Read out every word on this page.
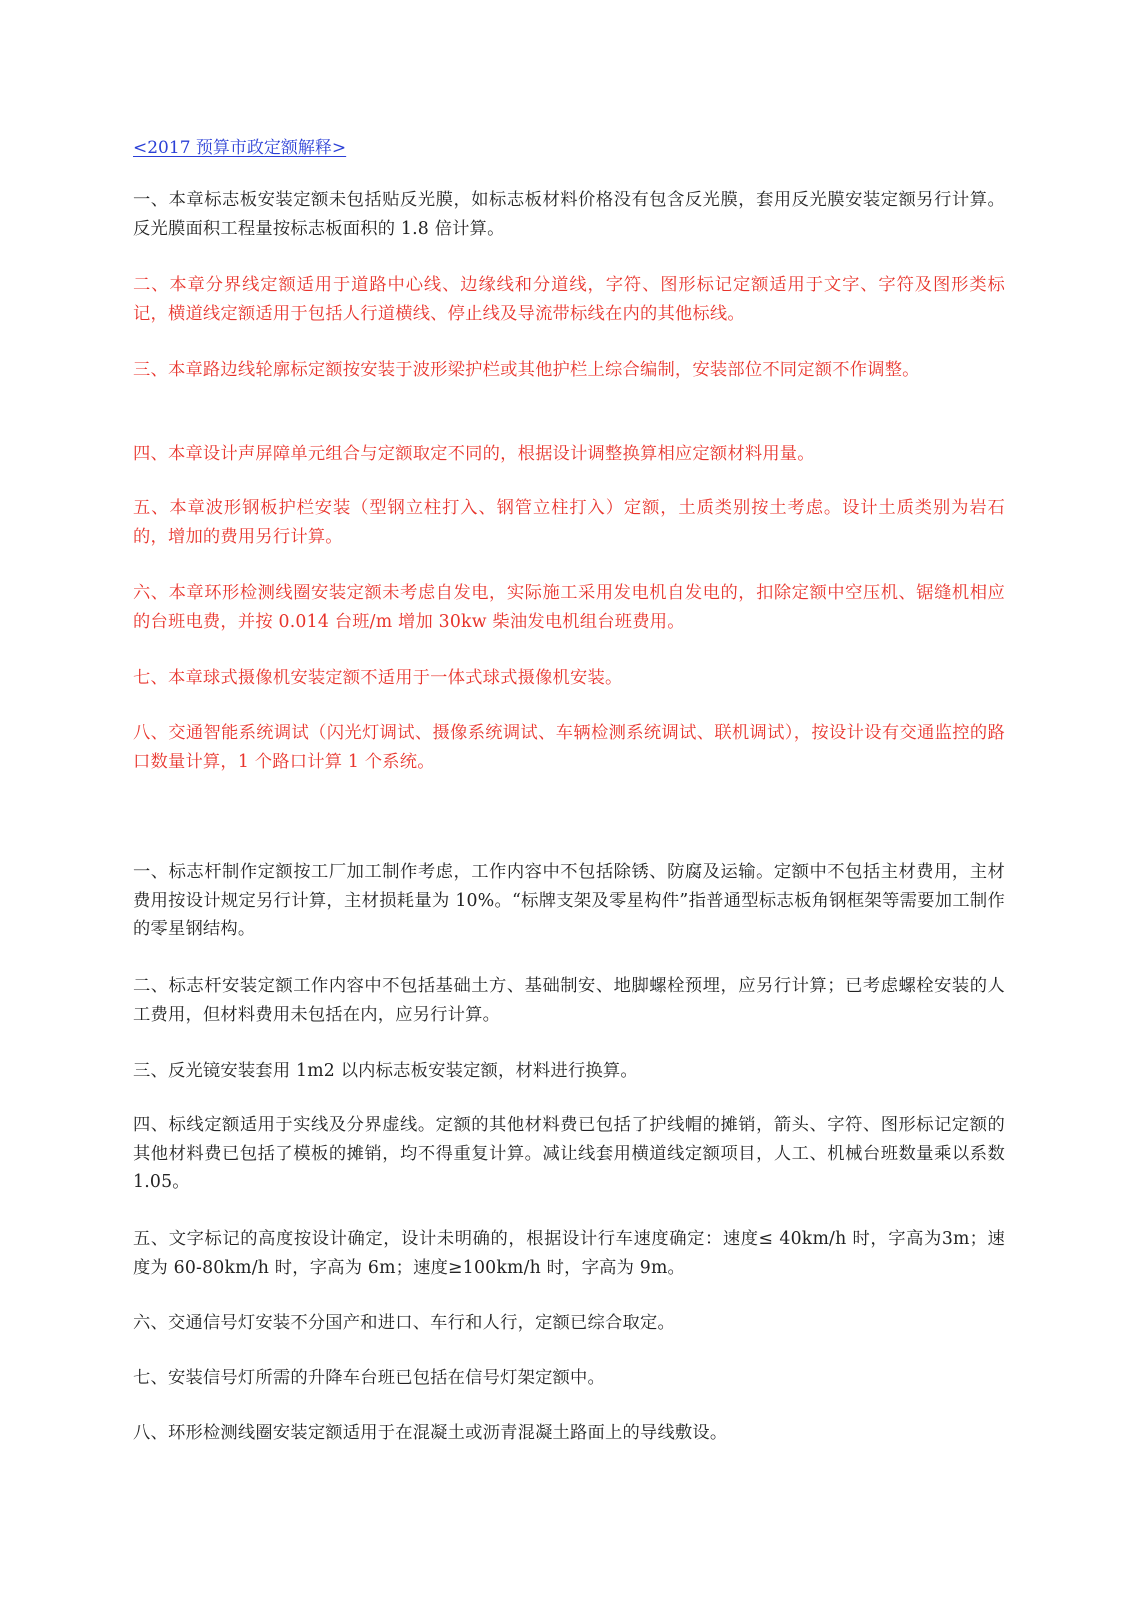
<2017 预算市政定额解释>

一、本章标志板安装定额未包括贴反光膜，如标志板材料价格没有包含反光膜，套用反光膜安装定额另行计算。反光膜面积工程量按标志板面积的 1.8 倍计算。

二、本章分界线定额适用于道路中心线、边缘线和分道线，字符、图形标记定额适用于文字、字符及图形类标记，横道线定额适用于包括人行道横线、停止线及导流带标线在内的其他标线。

三、本章路边线轮廓标定额按安装于波形梁护栏或其他护栏上综合编制，安装部位不同定额不作调整。

四、本章设计声屏障单元组合与定额取定不同的，根据设计调整换算相应定额材料用量。

五、本章波形钢板护栏安装（型钢立柱打入、钢管立柱打入）定额，土质类别按土考虑。设计土质类别为岩石的，增加的费用另行计算。

六、本章环形检测线圈安装定额未考虑自发电，实际施工采用发电机自发电的，扣除定额中空压机、锯缝机相应的台班电费，并按 0.014 台班/m 增加 30kw 柴油发电机组台班费用。

七、本章球式摄像机安装定额不适用于一体式球式摄像机安装。

八、交通智能系统调试（闪光灯调试、摄像系统调试、车辆检测系统调试、联机调试），按设计设有交通监控的路口数量计算，1 个路口计算 1 个系统。

一、标志杆制作定额按工厂加工制作考虑，工作内容中不包括除锈、防腐及运输。定额中不包括主材费用，主材费用按设计规定另行计算，主材损耗量为 10%。“标牌支架及零星构件”指普通型标志板角钢框架等需要加工制作的零星钢结构。

二、标志杆安装定额工作内容中不包括基础土方、基础制安、地脚螺栓预埋，应另行计算；已考虑螺栓安装的人工费用，但材料费用未包括在内，应另行计算。

三、反光镜安装套用 1m2 以内标志板安装定额，材料进行换算。

四、标线定额适用于实线及分界虚线。定额的其他材料费已包括了护线帽的摊销，箭头、字符、图形标记定额的其他材料费已包括了模板的摊销，均不得重复计算。减让线套用横道线定额项目，人工、机械台班数量乘以系数 1.05。

五、文字标记的高度按设计确定，设计未明确的，根据设计行车速度确定：速度≤ 40km/h 时，字高为3m；速度为 60-80km/h 时，字高为 6m；速度≥100km/h 时，字高为 9m。

六、交通信号灯安装不分国产和进口、车行和人行，定额已综合取定。

七、安装信号灯所需的升降车台班已包括在信号灯架定额中。

八、环形检测线圈安装定额适用于在混凝土或沥青混凝土路面上的导线敷设。
